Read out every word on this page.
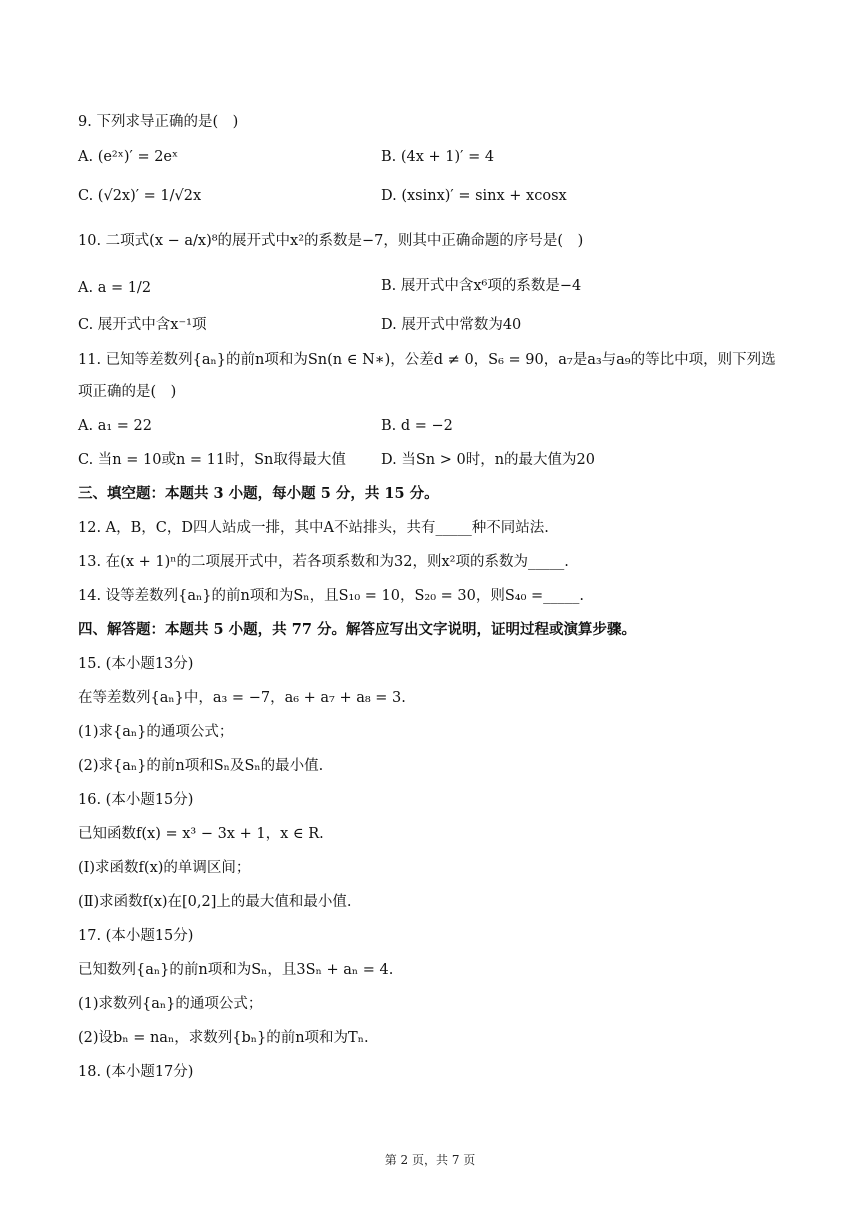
9. 下列求导正确的是( )
A. (e²ˣ)′ = 2eˣ	B. (4x + 1)′ = 4
C. (√2x)′ = 1/√2x	D. (xsinx)′ = sinx + xcosx
10. 二项式(x − a/x)⁸的展开式中x²的系数是−7，则其中正确命题的序号是( )
A. a = 1/2	B. 展开式中含x⁶项的系数是−4
C. 展开式中含x⁻¹项	D. 展开式中常数为40
11. 已知等差数列{aₙ}的前n项和为Sn(n ∈ N∗)，公差d ≠ 0，S₆ = 90，a₇是a₃与a₉的等比中项，则下列选
项正确的是( )
A. a₁ = 22	B. d = −2
C. 当n = 10或n = 11时，Sn取得最大值 D. 当Sn > 0时，n的最大值为20
三、填空题：本题共 3 小题，每小题 5 分，共 15 分。
12. A，B，C，D四人站成一排，其中A不站排头，共有_____种不同站法.
13. 在(x + 1)ⁿ的二项展开式中，若各项系数和为32，则x²项的系数为_____.
14. 设等差数列{aₙ}的前n项和为Sₙ，且S₁₀ = 10，S₂₀ = 30，则S₄₀ =_____.
四、解答题：本题共 5 小题，共 77 分。解答应写出文字说明，证明过程或演算步骤。
15. (本小题13分)
在等差数列{aₙ}中，a₃ = −7，a₆ + a₇ + a₈ = 3.
(1)求{aₙ}的通项公式；
(2)求{aₙ}的前n项和Sₙ及Sₙ的最小值.
16. (本小题15分)
已知函数f(x) = x³ − 3x + 1，x ∈ R.
(Ⅰ)求函数f(x)的单调区间；
(Ⅱ)求函数f(x)在[0,2]上的最大值和最小值.
17. (本小题15分)
已知数列{aₙ}的前n项和为Sₙ，且3Sₙ + aₙ = 4.
(1)求数列{aₙ}的通项公式；
(2)设bₙ = naₙ，求数列{bₙ}的前n项和为Tₙ.
18. (本小题17分)
第 2 页，共 7 页
